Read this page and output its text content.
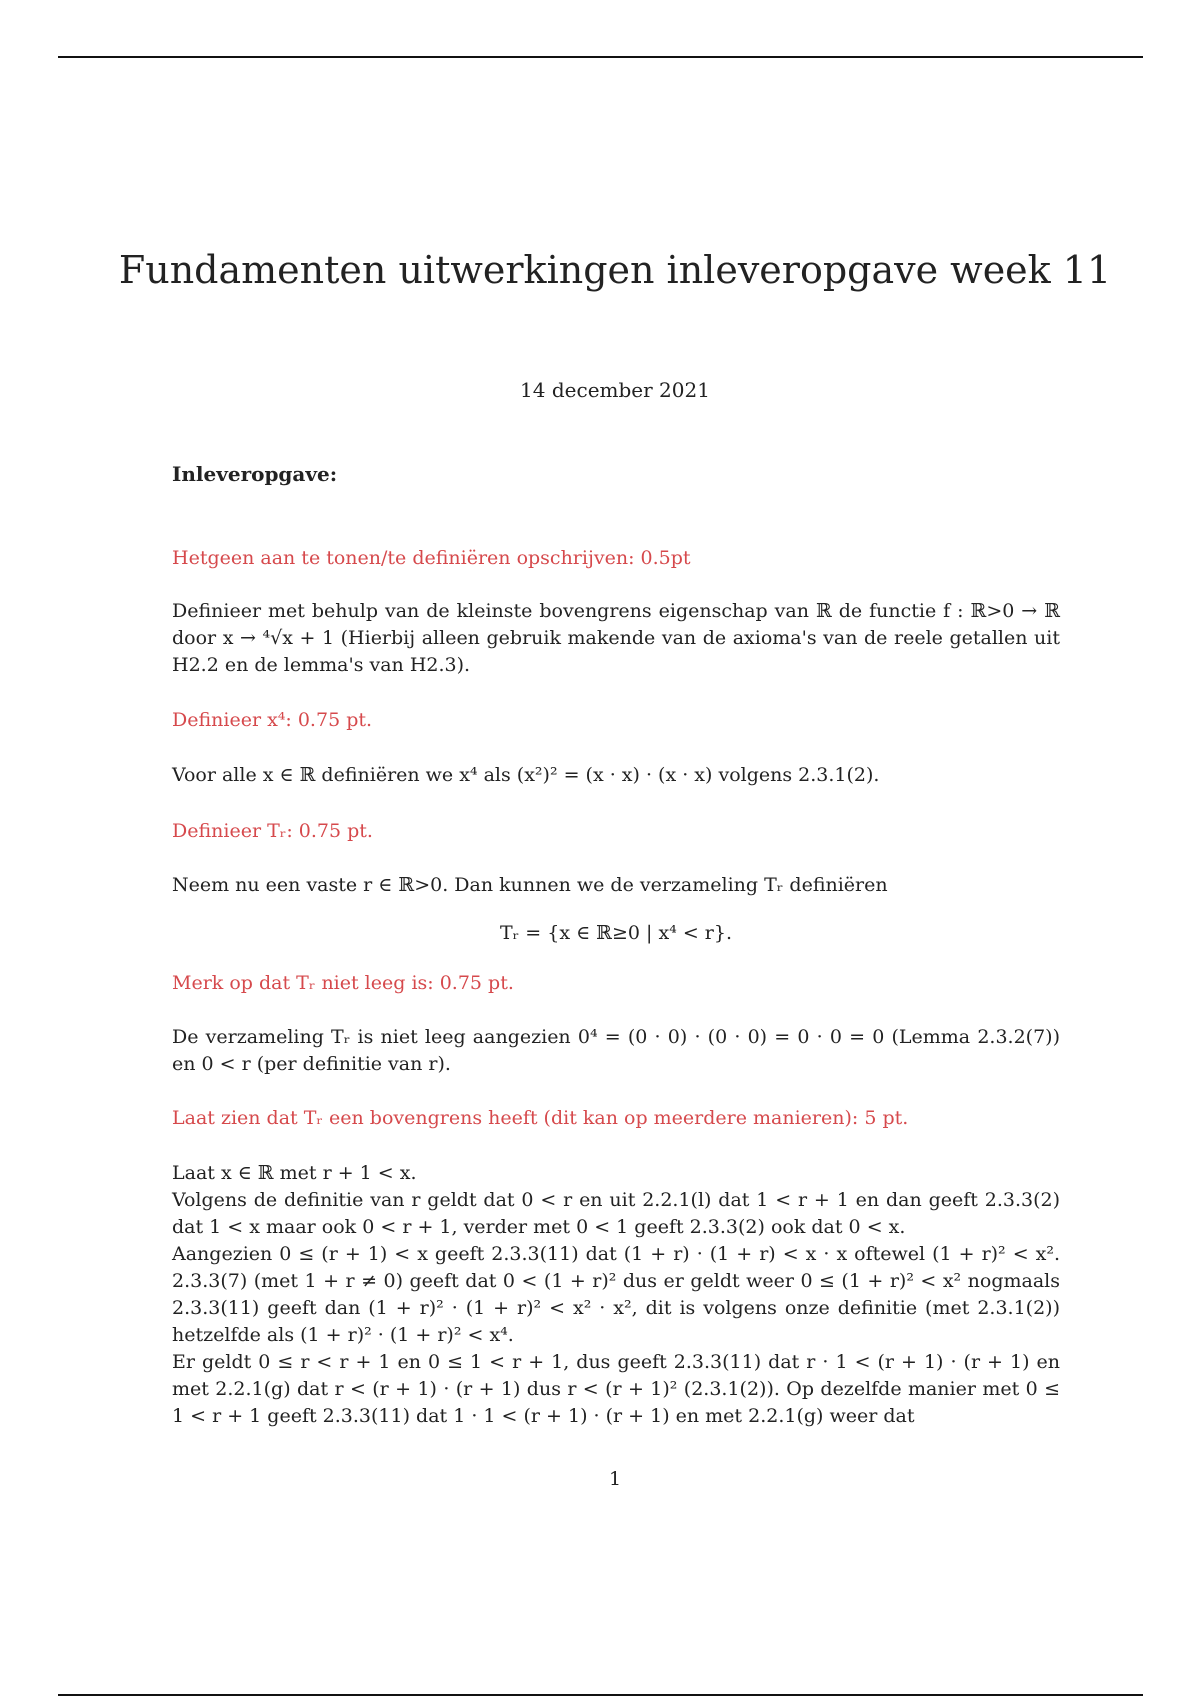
Fundamenten uitwerkingen inleveropgave week 11
14 december 2021
Inleveropgave:

Hetgeen aan te tonen/te definiëren opschrijven: 0.5pt

Definieer met behulp van de kleinste bovengrens eigenschap van ℝ de functie f : ℝ>0 → ℝ door x → ⁴√x + 1 (Hierbij alleen gebruik makende van de axioma's van de reele getallen uit H2.2 en de lemma's van H2.3).

Definieer x⁴: 0.75 pt.

Voor alle x ∈ ℝ definiëren we x⁴ als (x²)² = (x · x) · (x · x) volgens 2.3.1(2).

Definieer Tᵣ: 0.75 pt.

Neem nu een vaste r ∈ ℝ>0. Dan kunnen we de verzameling Tᵣ definiëren

Tᵣ = {x ∈ ℝ≥0 | x⁴ < r}.

Merk op dat Tᵣ niet leeg is: 0.75 pt.

De verzameling Tᵣ is niet leeg aangezien 0⁴ = (0 · 0) · (0 · 0) = 0 · 0 = 0 (Lemma 2.3.2(7)) en 0 < r (per definitie van r).

Laat zien dat Tᵣ een bovengrens heeft (dit kan op meerdere manieren): 5 pt.

Laat x ∈ ℝ met r + 1 < x.
Volgens de definitie van r geldt dat 0 < r en uit 2.2.1(l) dat 1 < r + 1 en dan geeft 2.3.3(2) dat 1 < x maar ook 0 < r + 1, verder met 0 < 1 geeft 2.3.3(2) ook dat 0 < x.
Aangezien 0 ≤ (r + 1) < x geeft 2.3.3(11) dat (1 + r) · (1 + r) < x · x oftewel (1 + r)² < x². 2.3.3(7) (met 1 + r ≠ 0) geeft dat 0 < (1 + r)² dus er geldt weer 0 ≤ (1 + r)² < x² nogmaals 2.3.3(11) geeft dan (1 + r)² · (1 + r)² < x² · x², dit is volgens onze definitie (met 2.3.1(2)) hetzelfde als (1 + r)² · (1 + r)² < x⁴.
Er geldt 0 ≤ r < r + 1 en 0 ≤ 1 < r + 1, dus geeft 2.3.3(11) dat r · 1 < (r + 1) · (r + 1) en met 2.2.1(g) dat r < (r + 1) · (r + 1) dus r < (r + 1)² (2.3.1(2)). Op dezelfde manier met 0 ≤ 1 < r + 1 geeft 2.3.3(11) dat 1 · 1 < (r + 1) · (r + 1) en met 2.2.1(g) weer dat
1
